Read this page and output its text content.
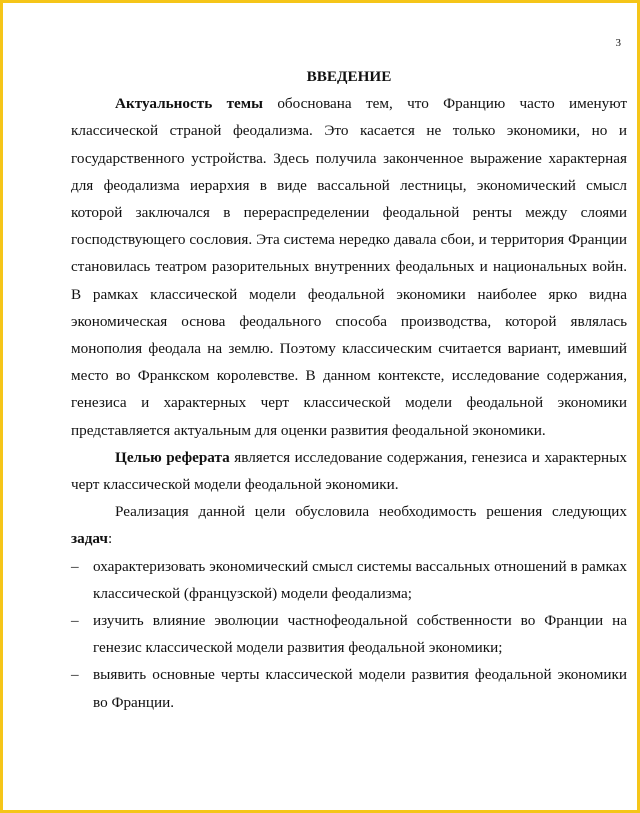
3

ВВЕДЕНИЕ

Актуальность темы обоснована тем, что Францию часто именуют классической страной феодализма. Это касается не только экономики, но и государственного устройства. Здесь получила законченное выражение характерная для феодализма иерархия в виде вассальной лестницы, экономический смысл которой заключался в перераспределении феодальной ренты между слоями господствующего сословия. Эта система нередко давала сбои, и территория Франции становилась театром разорительных внутренних феодальных и национальных войн. В рамках классической модели феодальной экономики наиболее ярко видна экономическая основа феодального способа производства, которой являлась монополия феодала на землю. Поэтому классическим считается вариант, имевший место во Франкском королевстве. В данном контексте, исследование содержания, генезиса и характерных черт классической модели феодальной экономики представляется актуальным для оценки развития феодальной экономики.

Целью реферата является исследование содержания, генезиса и характерных черт классической модели феодальной экономики.

Реализация данной цели обусловила необходимость решения следующих задач:

– охарактеризовать экономический смысл системы вассальных отношений в рамках классической (французской) модели феодализма;
– изучить влияние эволюции частнофеодальной собственности во Франции на генезис классической модели развития феодальной экономики;
– выявить основные черты классической модели развития феодальной экономики во Франции.
